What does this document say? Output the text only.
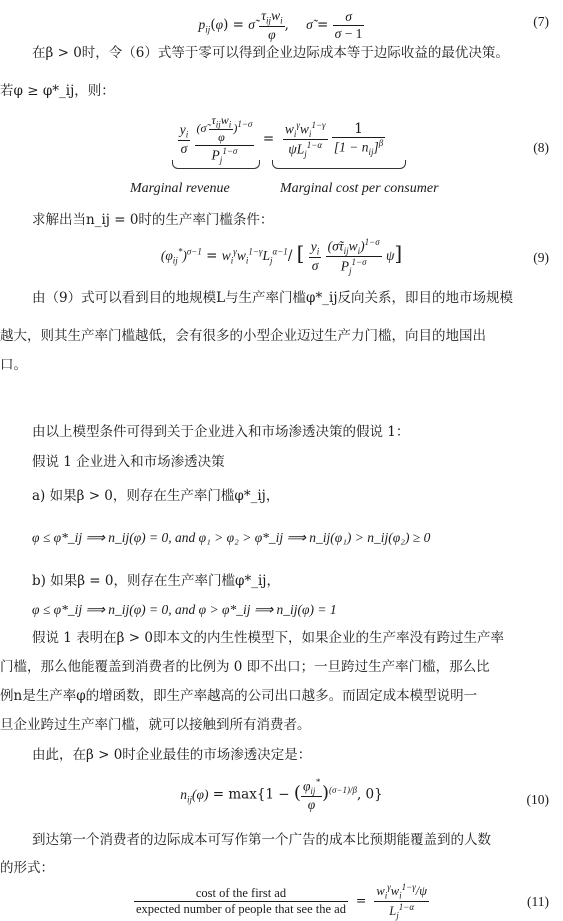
$p_{ij}(\varphi)$ = σ̃ $\frac{\tau_{ij}w_i}{\varphi}$ ,    σ̃ = $\frac{\sigma}{\sigma - 1}$	(7)
在β > 0时，令（6）式等于零可以得到企业边际成本等于边际收益的最优决策。
若φ ≥ φ*_ij，则：
$\frac{y_i}{\sigma}$
$\frac{(\sigmã \frac{\tau_{ij}w_i}{\varphi} )^{1-\sigma}}{P_j^{1-\sigma}} = \frac{w_i^\gamma w_i^{1-\gamma}}{\psi L_j^{1-\alpha}}$
$\frac{1}{[1 - n_{ij}]^\beta}$	(8)
Marginal revenue	Marginal cost per consumer
求解出当n_ij = 0时的生产率门槛条件：
$(\varphi_{ij}^*)^{\sigma-1} = w_i^\gamma w_i^{1-\gamma}L_j^{\alpha-1}/$ [ $\frac{y_i}{\sigma}$
$\frac{(\sigmã\tau_{ij}w_i)^{1-\sigma}}{P_j^{1-\sigma}} \psi$]	(9)
由（9）式可以看到目的地规模L与生产率门槛φ*_ij反向关系，即目的地市场规模
越大，则其生产率门槛越低，会有很多的小型企业迈过生产力门槛，向目的地国出
口。
由以上模型条件可得到关于企业进入和市场渗透决策的假说 1：
假说 1 企业进入和市场渗透决策
a) 如果β > 0，则存在生产率门槛φ*_ij，
φ ≤ φ*_ij ⟹ n_ij(φ) = 0, and φ₁ > φ₂ > φ*_ij ⟹ n_ij(φ₁) > n_ij(φ₂) ≥ 0
b) 如果β = 0，则存在生产率门槛φ*_ij，
φ ≤ φ*_ij ⟹ n_ij(φ) = 0, and φ > φ*_ij ⟹ n_ij(φ) = 1
假说 1 表明在β > 0即本文的内生性模型下，如果企业的生产率没有跨过生产率
门槛，那么他能覆盖到消费者的比例为 0 即不出口；一旦跨过生产率门槛，那么比
例n是生产率φ的增函数，即生产率越高的公司出口越多。而固定成本模型说明一
旦企业跨过生产率门槛，就可以接触到所有消费者。
由此，在β > 0时企业最佳的市场渗透决定是：
$n_{ij}(\varphi) = \max\{1$ − ( $\frac{\varphi_{ij}^*}{\varphi} )^{(\sigma-1)/\beta}$, 0}	(10)
到达第一个消费者的边际成本可写作第一个广告的成本比预期能覆盖到的人数
的形式：
$\frac{\text{cost of the first ad}}{\text{expected number of people that see the ad}} = \frac{w_i^\gamma w_i^{1-\gamma}/\psi}{L_j^{1-\alpha}}$	(11)
